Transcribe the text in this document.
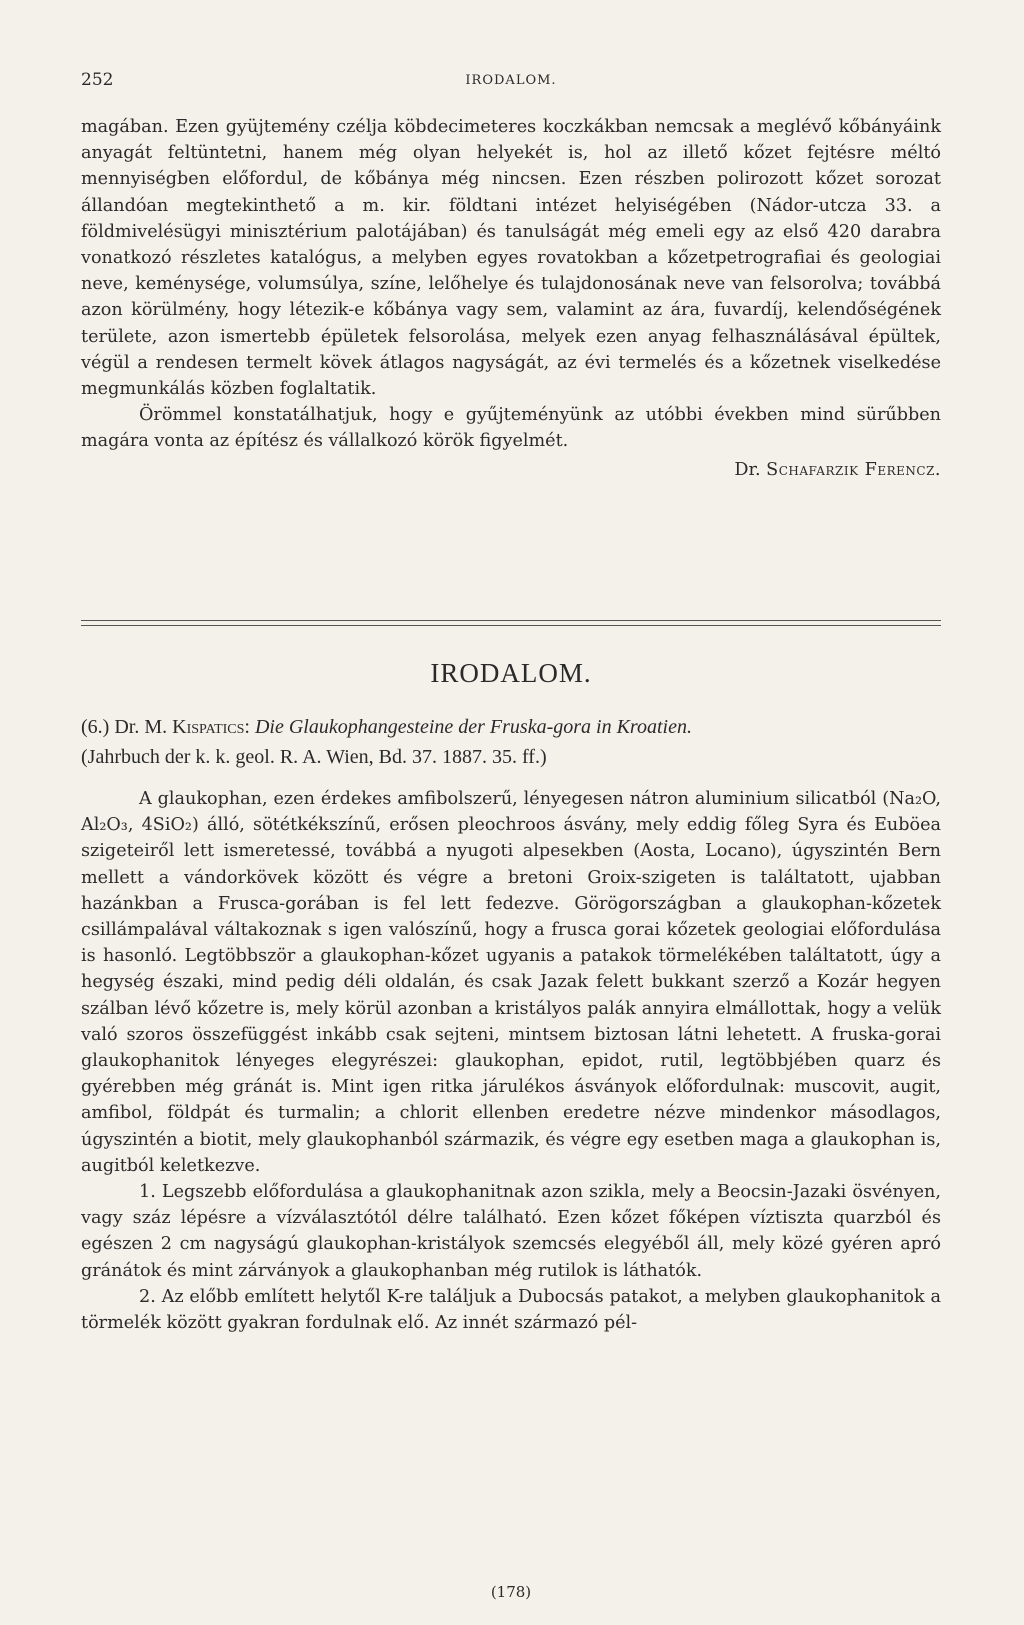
252	IRODALOM.

magában. Ezen gyüjtemény czélja köbdecimeteres koczkákban nemcsak a meglévő kőbányáink anyagát feltüntetni, hanem még olyan helyekét is, hol az illető kőzet fejtésre méltó mennyiségben előfordul, de kőbánya még nincsen. Ezen részben polirozott kőzet sorozat állandóan megtekinthető a m. kir. földtani intézet helyiségében (Nádor-utcza 33. a földmivelésügyi minisztérium palotájában) és tanulságát még emeli egy az első 420 darabra vonatkozó részletes katalógus, a melyben egyes rovatokban a kőzetpetrografiai és geologiai neve, keménysége, volumsúlya, színe, lelőhelye és tulajdonosának neve van felsorolva; továbbá azon körülmény, hogy létezik-e kőbánya vagy sem, valamint az ára, fuvardíj, kelendőségének területe, azon ismertebb épületek felsorolása, melyek ezen anyag felhasználásával épültek, végül a rendesen termelt kövek átlagos nagyságát, az évi termelés és a kőzetnek viselkedése megmunkálás közben foglaltatik.

Örömmel konstatálhatjuk, hogy e gyűjteményünk az utóbbi években mind sürűbben magára vonta az építész és vállalkozó körök figyelmét.

Dr. Schafarzik Ferencz.

IRODALOM.
(6.) Dr. M. Kispatics: Die Glaukophangesteine der Fruska-gora in Kroatien.
(Jahrbuch der k. k. geol. R. A. Wien, Bd. 37. 1887. 35. ff.)

A glaukophan, ezen érdekes amfibolszerű, lényegesen nátron aluminium silicatból (Na₂O, Al₂O₃, 4SiO₂) álló, sötétkékszínű, erősen pleochroos ásvány, mely eddig főleg Syra és Euböea szigeteiről lett ismeretessé, továbbá a nyugoti alpesekben (Aosta, Locano), úgyszintén Bern mellett a vándorkövek között és végre a bretoni Groix-szigeten is találtatott, ujabban hazánkban a Frusca-gorában is fel lett fedezve. Görögországban a glaukophan-kőzetek csillámpalával váltakoznak s igen valószínű, hogy a frusca gorai kőzetek geologiai előfordulása is hasonló. Legtöbbször a glaukophan-kőzet ugyanis a patakok törmelékében találtatott, úgy a hegység északi, mind pedig déli oldalán, és csak Jazak felett bukkant szerző a Kozár hegyen szálban lévő kőzetre is, mely körül azonban a kristályos palák annyira elmállottak, hogy a velük való szoros összefüggést inkább csak sejteni, mintsem biztosan látni lehetett. A fruska-gorai glaukophanitok lényeges elegyrészei: glaukophan, epidot, rutil, legtöbbjében quarz és gyérebben még gránát is. Mint igen ritka járulékos ásványok előfordulnak: muscovit, augit, amfibol, földpát és turmalin; a chlorit ellenben eredetre nézve mindenkor másodlagos, úgyszintén a biotit, mely glaukophanból származik, és végre egy esetben maga a glaukophan is, augitból keletkezve.

1. Legszebb előfordulása a glaukophanitnak azon szikla, mely a Beocsin-Jazaki ösvényen, vagy száz lépésre a vízválasztótól délre található. Ezen kőzet főképen víztiszta quarzból és egészen 2 cm nagyságú glaukophan-kristályok szemcsés elegyéből áll, mely közé gyéren apró gránátok és mint zárványok a glaukophanban még rutilok is láthatók.

2. Az előbb említett helytől K-re találjuk a Dubocsás patakot, a melyben glaukophanitok a törmelék között gyakran fordulnak elő. Az innét származó pél-

(178)
